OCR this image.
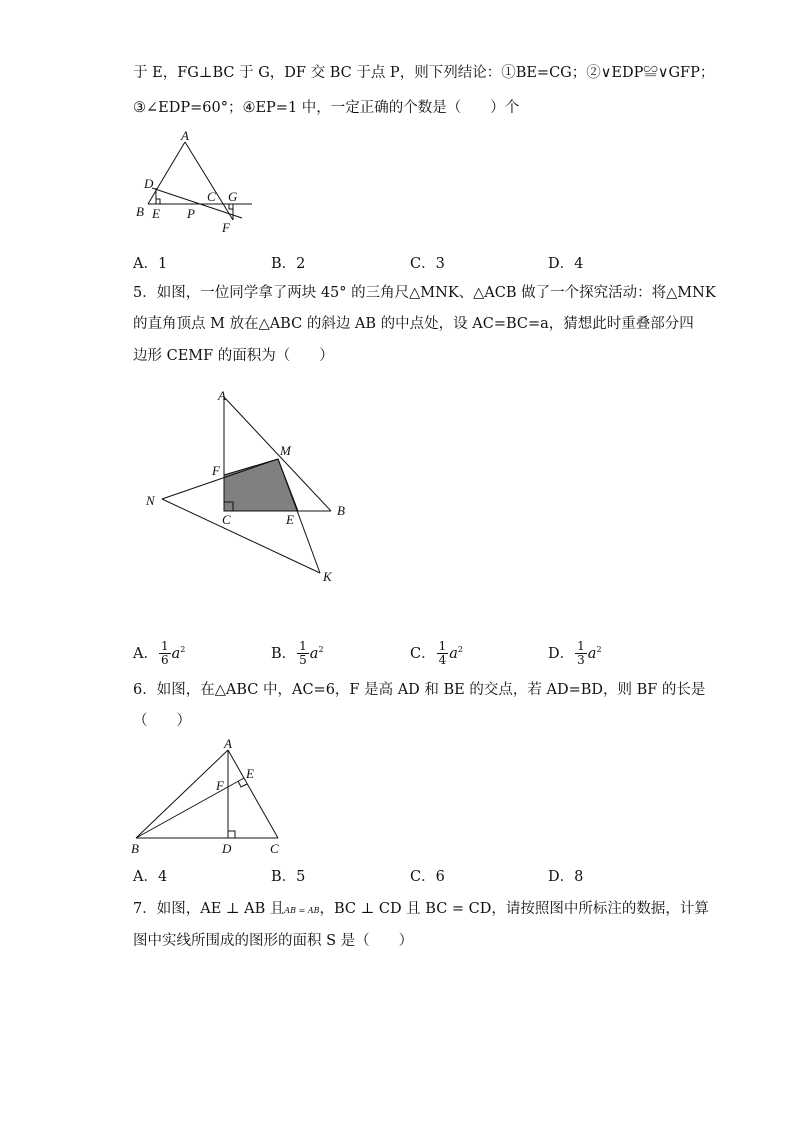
于 E，FG⊥BC 于 G，DF 交 BC 于点 P，则下列结论：①BE=CG；②∨EDP≌∨GFP；
③∠EDP=60°；④EP=1 中，一定正确的个数是（　　）个
A
D
C G
B E P
F
A．1	B．2	C．3	D．4
5．如图，一位同学拿了两块 45° 的三角尺△MNK、△ACB 做了一个探究活动：将△MNK
的直角顶点 M 放在△ABC 的斜边 AB 的中点处，设 AC=BC=a，猜想此时重叠部分四
边形 CEMF 的面积为（　　）
A
M
F
N
C	E
B
K
A． $\frac{1}{6} a^2$	B． $\frac{1}{5} a^2$	C． $\frac{1}{4} a^2$	D． $\frac{1}{3} a^2$
6．如图，在△ABC 中，AC=6，F 是高 AD 和 BE 的交点，若 AD=BD，则 BF 的长是
（　　）
A
E
F
B	D	C
A．4	B．5	C．6	D．8
7．如图，AE ⊥ AB 且AB = AB，BC ⊥ CD 且 BC = CD，请按照图中所标注的数据，计算
图中实线所围成的图形的面积 S 是（　　）
